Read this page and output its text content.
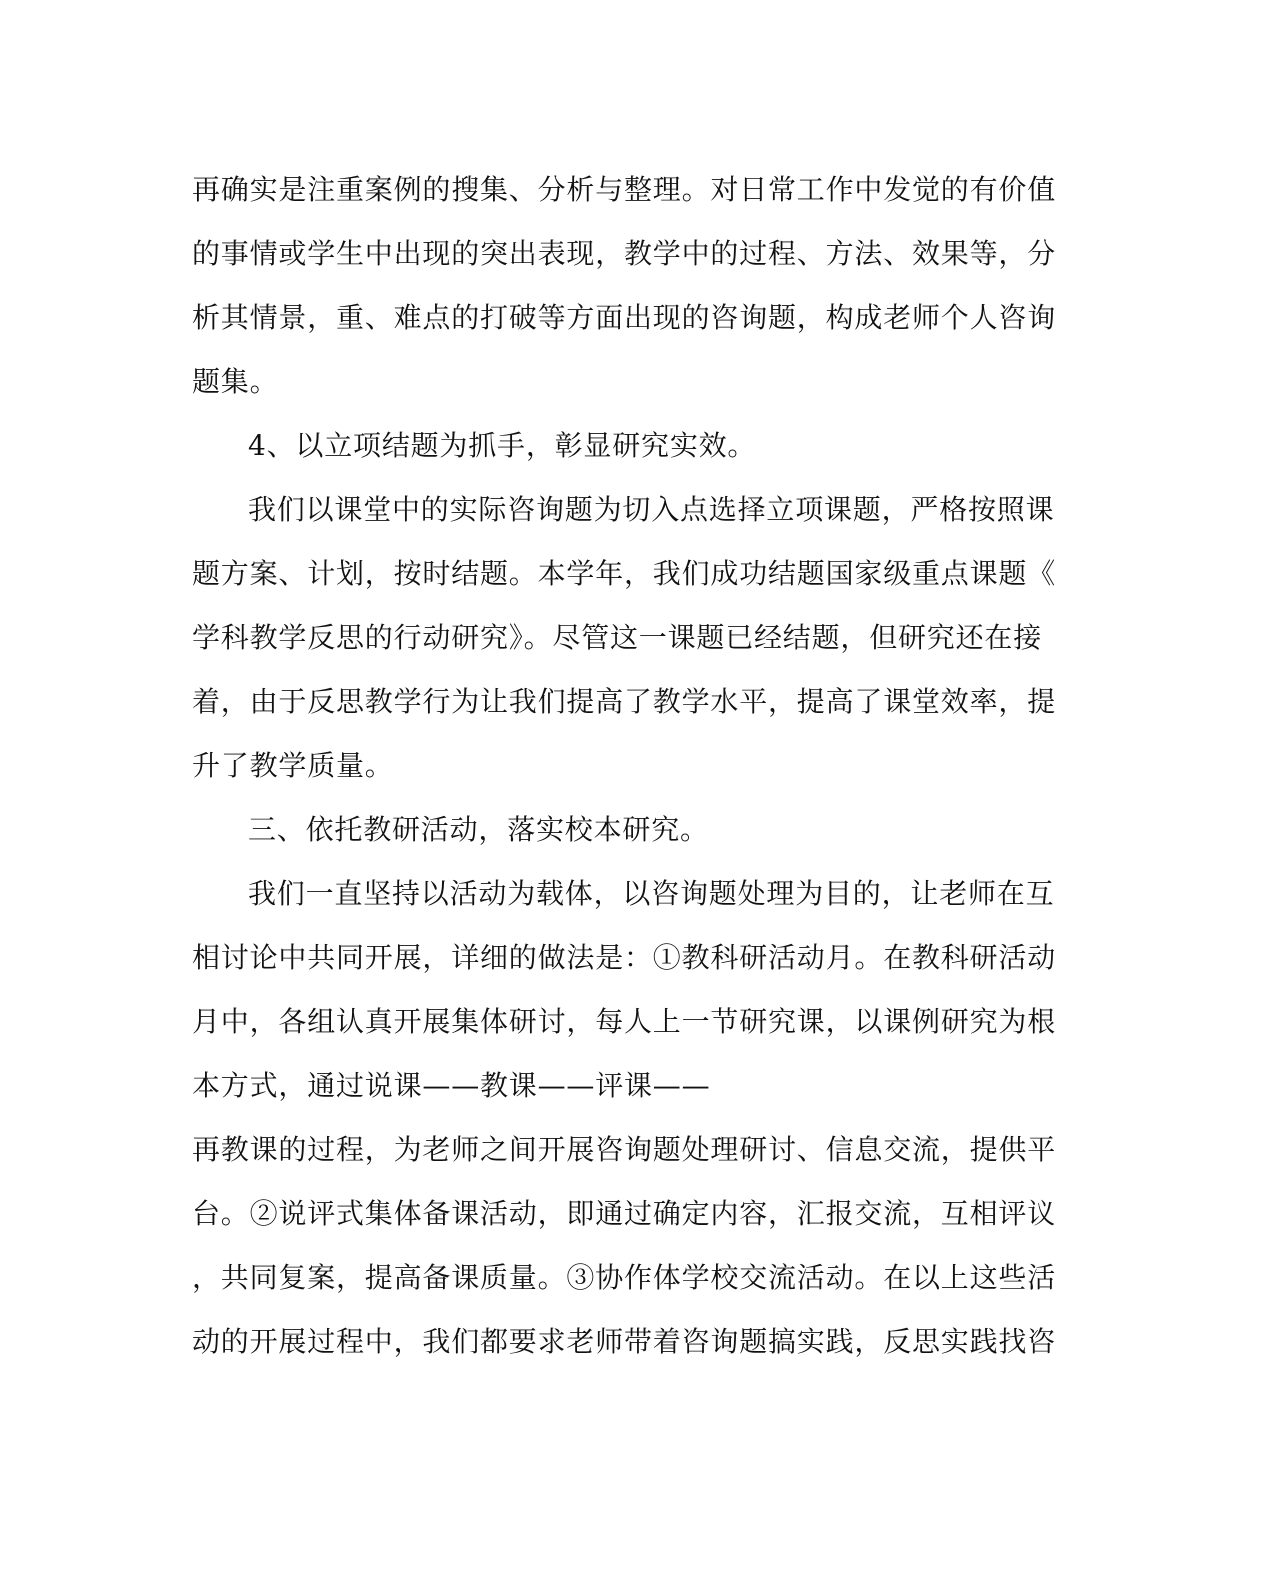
再确实是注重案例的搜集、分析与整理。对日常工作中发觉的有价值
的事情或学生中出现的突出表现，教学中的过程、方法、效果等，分
析其情景，重、难点的打破等方面出现的咨询题，构成老师个人咨询
题集。
4、以立项结题为抓手，彰显研究实效。
我们以课堂中的实际咨询题为切入点选择立项课题，严格按照课
题方案、计划，按时结题。本学年，我们成功结题国家级重点课题《
学科教学反思的行动研究》。尽管这一课题已经结题，但研究还在接
着，由于反思教学行为让我们提高了教学水平，提高了课堂效率，提
升了教学质量。
三、依托教研活动，落实校本研究。
我们一直坚持以活动为载体，以咨询题处理为目的，让老师在互
相讨论中共同开展，详细的做法是：①教科研活动月。在教科研活动
月中，各组认真开展集体研讨，每人上一节研究课，以课例研究为根
本方式，通过说课——教课——评课——
再教课的过程，为老师之间开展咨询题处理研讨、信息交流，提供平
台。②说评式集体备课活动，即通过确定内容，汇报交流，互相评议
，共同复案，提高备课质量。③协作体学校交流活动。在以上这些活
动的开展过程中，我们都要求老师带着咨询题搞实践，反思实践找咨
